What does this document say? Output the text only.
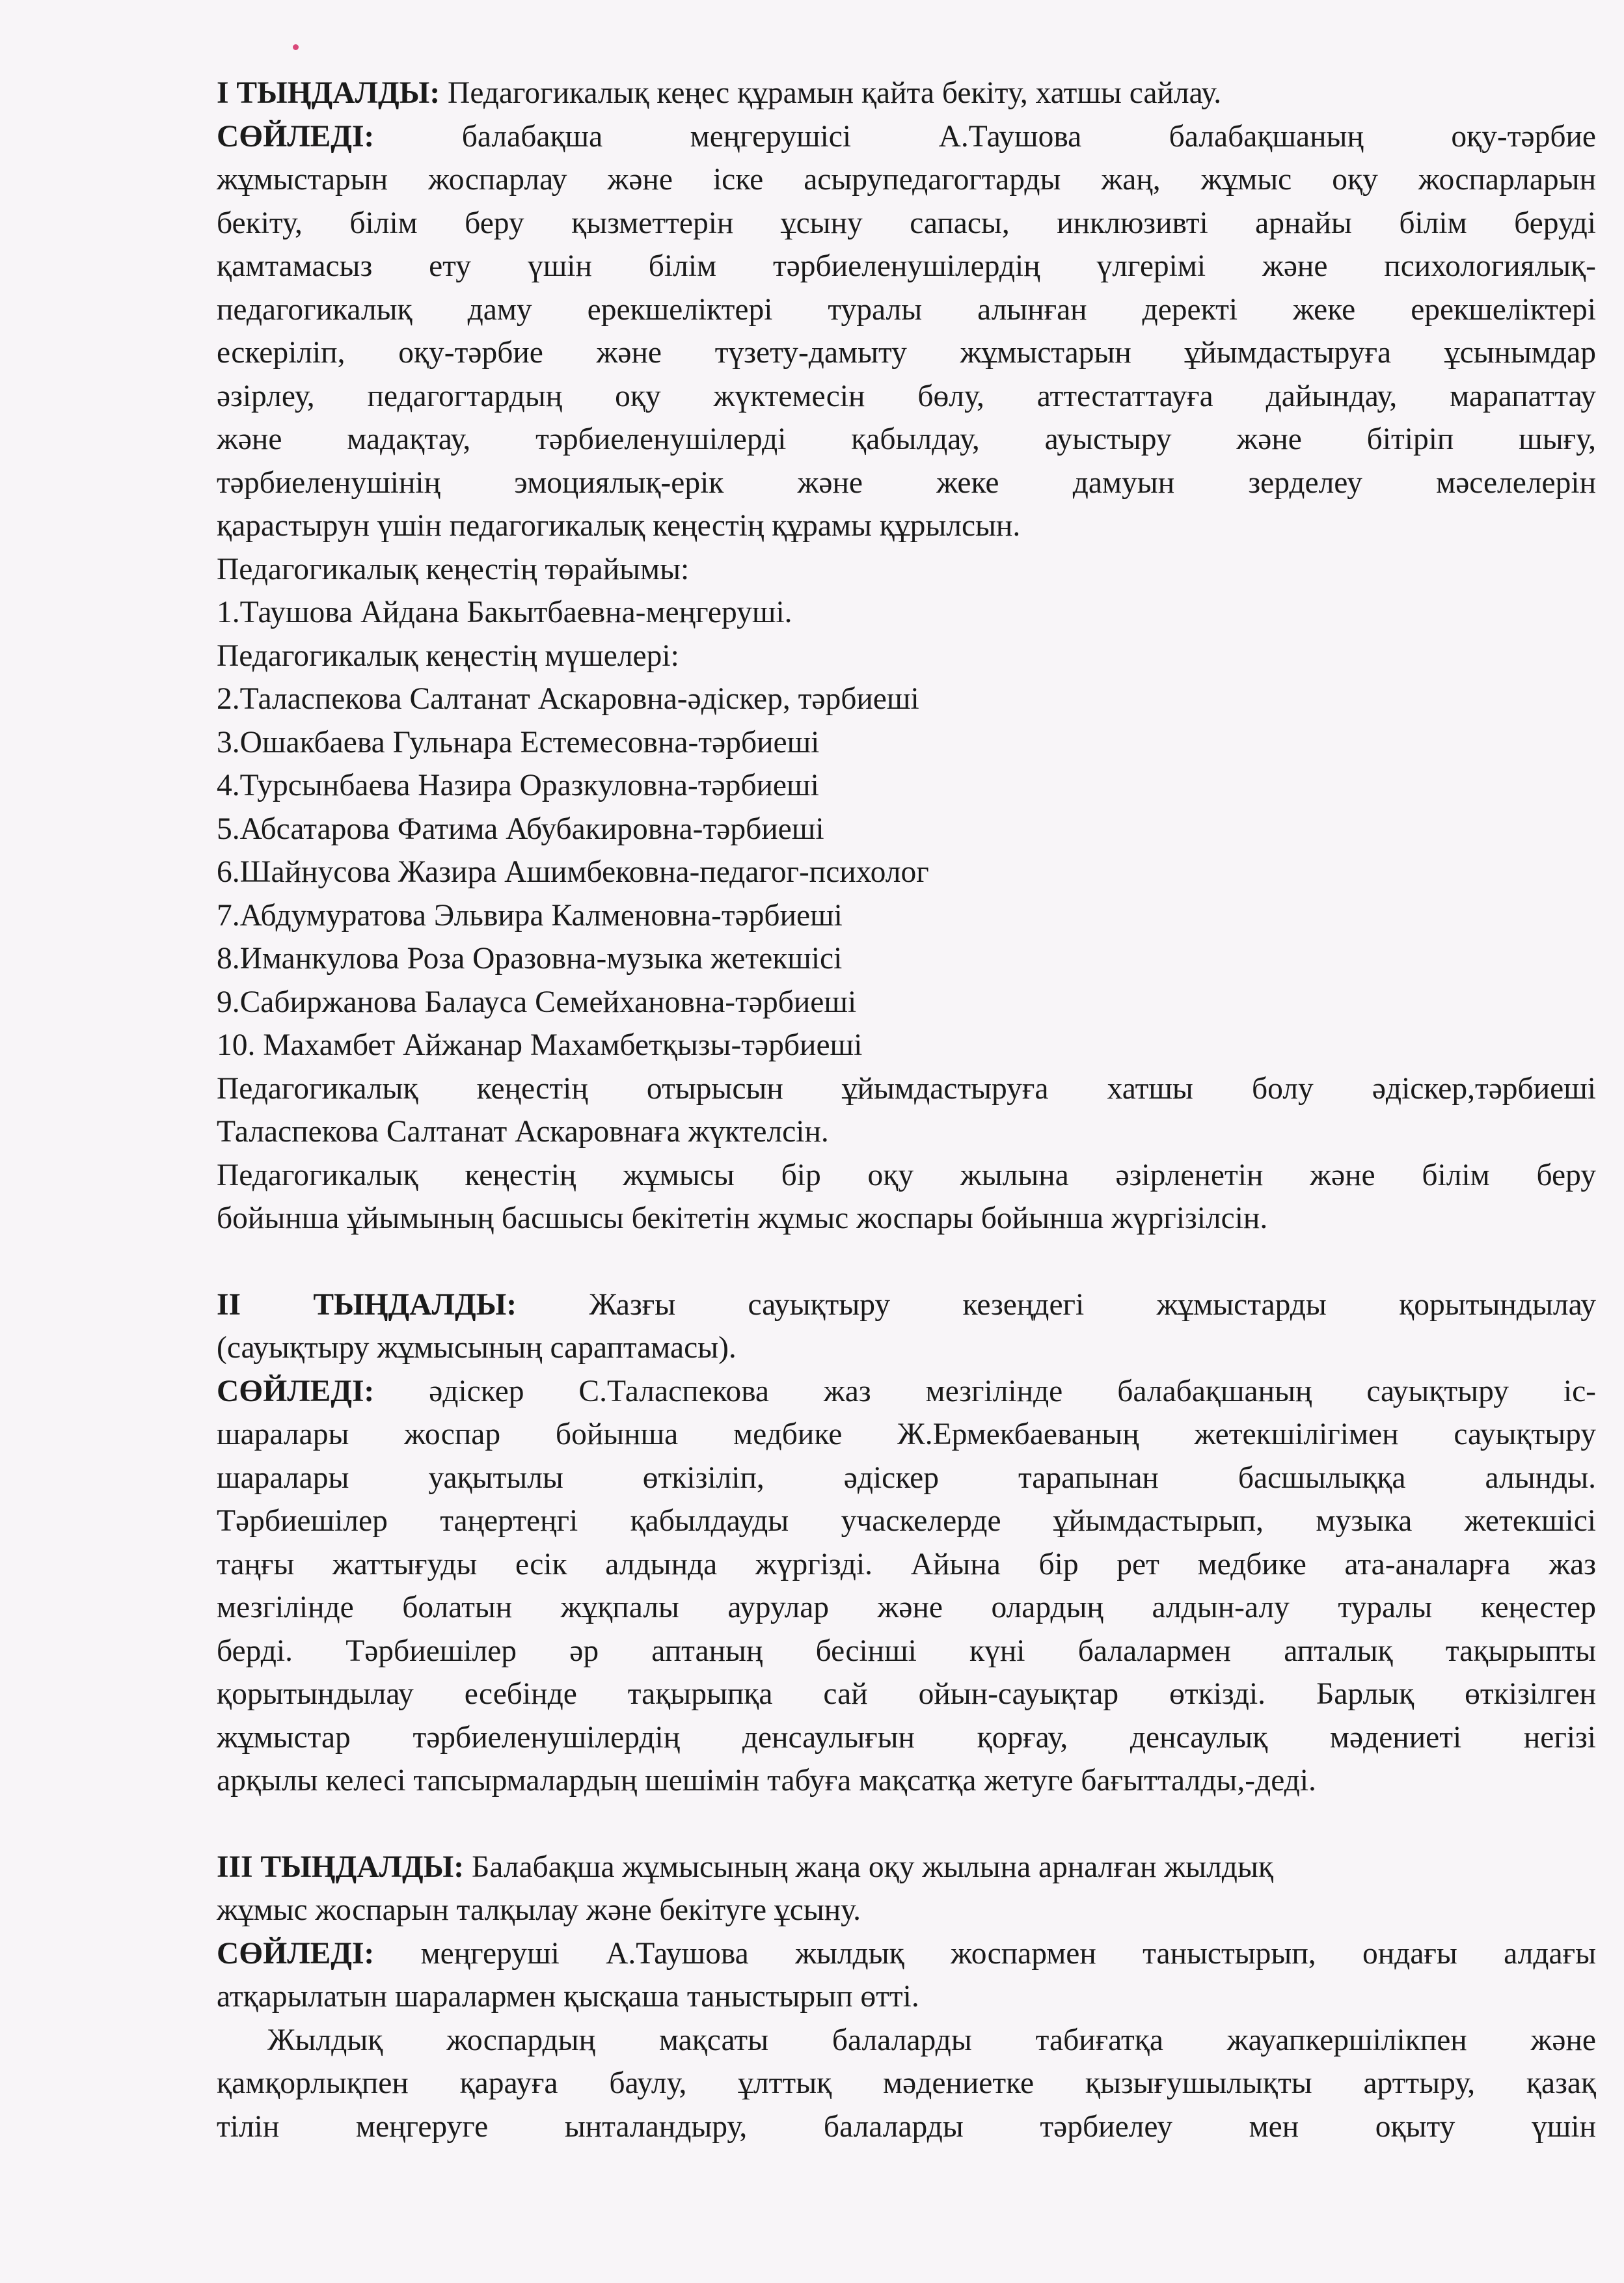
І ТЫҢДАЛДЫ: Педагогикалық кеңес құрамын қайта бекіту, хатшы сайлау.

СӨЙЛЕДІ:	балабақша меңгерушісі А.Таушова балабақшаның оқу-тәрбие
жұмыстарын жоспарлау және іске асырупедагогтарды жаң, жұмыс оқу жоспарларын
бекіту, білім беру қызметтерін ұсыну сапасы, инклюзивті арнайы білім беруді
қамтамасыз ету үшін білім тәрбиеленушілердің үлгерімі және психологиялық-
педагогикалық даму ерекшеліктері туралы алынған деректі жеке ерекшеліктері
ескеріліп, оқу-тәрбие және түзету-дамыту жұмыстарын ұйымдастыруға ұсынымдар
әзірлеу, педагогтардың оқу жүктемесін бөлу, аттестаттауға дайындау, марапаттау
және мадақтау, тәрбиеленушілерді қабылдау, ауыстыру және бітіріп шығу,
тәрбиеленушінің эмоциялық-ерік және жеке дамуын зерделеу мәселелерін
қарастырун үшін педагогикалық кеңестің құрамы құрылсын.

Педагогикалық кеңестің төрайымы:

1.Таушова Айдана Бакытбаевна-меңгеруші.

Педагогикалық кеңестің мүшелері:

2.Таласпекова Салтанат Аскаровна-әдіскер, тәрбиеші
3.Ошакбаева Гульнара Естемесовна-тәрбиеші
4.Турсынбаева Назира Оразкуловна-тәрбиеші
5.Абсатарова Фатима Абубакировна-тәрбиеші
6.Шайнусова Жазира Ашимбековна-педагог-психолог
7.Абдумуратова Эльвира Калменовна-тәрбиеші
8.Иманкулова Роза Оразовна-музыка жетекшісі
9.Сабиржанова Балауса Семейхановна-тәрбиеші
10. Махамбет Айжанар Махамбетқызы-тәрбиеші

Педагогикалық кеңестің отырысын ұйымдастыруға хатшы болу әдіскер,тәрбиеші
Таласпекова Салтанат Аскаровнаға жүктелсін.

Педагогикалық кеңестің жұмысы бір оқу жылына әзірленетін және білім беру
бойынша ұйымының басшысы бекітетін жұмыс жоспары бойынша жүргізілсін.

ІІ ТЫҢДАЛДЫ: Жазғы сауықтыру кезеңдегі жұмыстарды қорытындылау
(сауықтыру жұмысының сараптамасы).

СӨЙЛЕДІ: әдіскер С.Таласпекова жаз мезгілінде балабақшаның сауықтыру іс-
шаралары жоспар бойынша медбике Ж.Ермекбаеваның жетекшілігімен сауықтыру
шаралары уақытылы өткізіліп, әдіскер тарапынан басшылыққа алынды.
Тәрбиешілер таңертеңгі қабылдауды учаскелерде ұйымдастырып, музыка жетекшісі
таңғы жаттығуды есік алдында жүргізді. Айына бір рет медбике ата-аналарға жаз
мезгілінде болатын жұқпалы аурулар және олардың алдын-алу туралы кеңестер
берді. Тәрбиешілер әр аптаның бесінші күні балалармен апталық тақырыпты
қорытындылау есебінде тақырыпқа сай ойын-сауықтар өткізді. Барлық өткізілген
жұмыстар тәрбиеленушілердің денсаулығын қорғау, денсаулық мәдениеті негізі
арқылы келесі тапсырмалардың шешімін табуға мақсатқа жетуге бағытталды,-деді.

ІІІ ТЫҢДАЛДЫ: Балабақша жұмысының жаңа оқу жылына арналған жылдық
жұмыс жоспарын талқылау және бекітуге ұсыну.

СӨЙЛЕДІ: меңгеруші А.Таушова жылдық жоспармен таныстырып, ондағы алдағы
атқарылатын шаралармен қысқаша таныстырып өтті.

Жылдық жоспардың мақсаты балаларды табиғатқа жауапкершілікпен және
қамқорлықпен қарауға баулу, ұлттық мәдениетке қызығушылықты арттыру, қазақ
тілін меңгеруге ынталандыру, балаларды тәрбиелеу мен оқыту үшін
